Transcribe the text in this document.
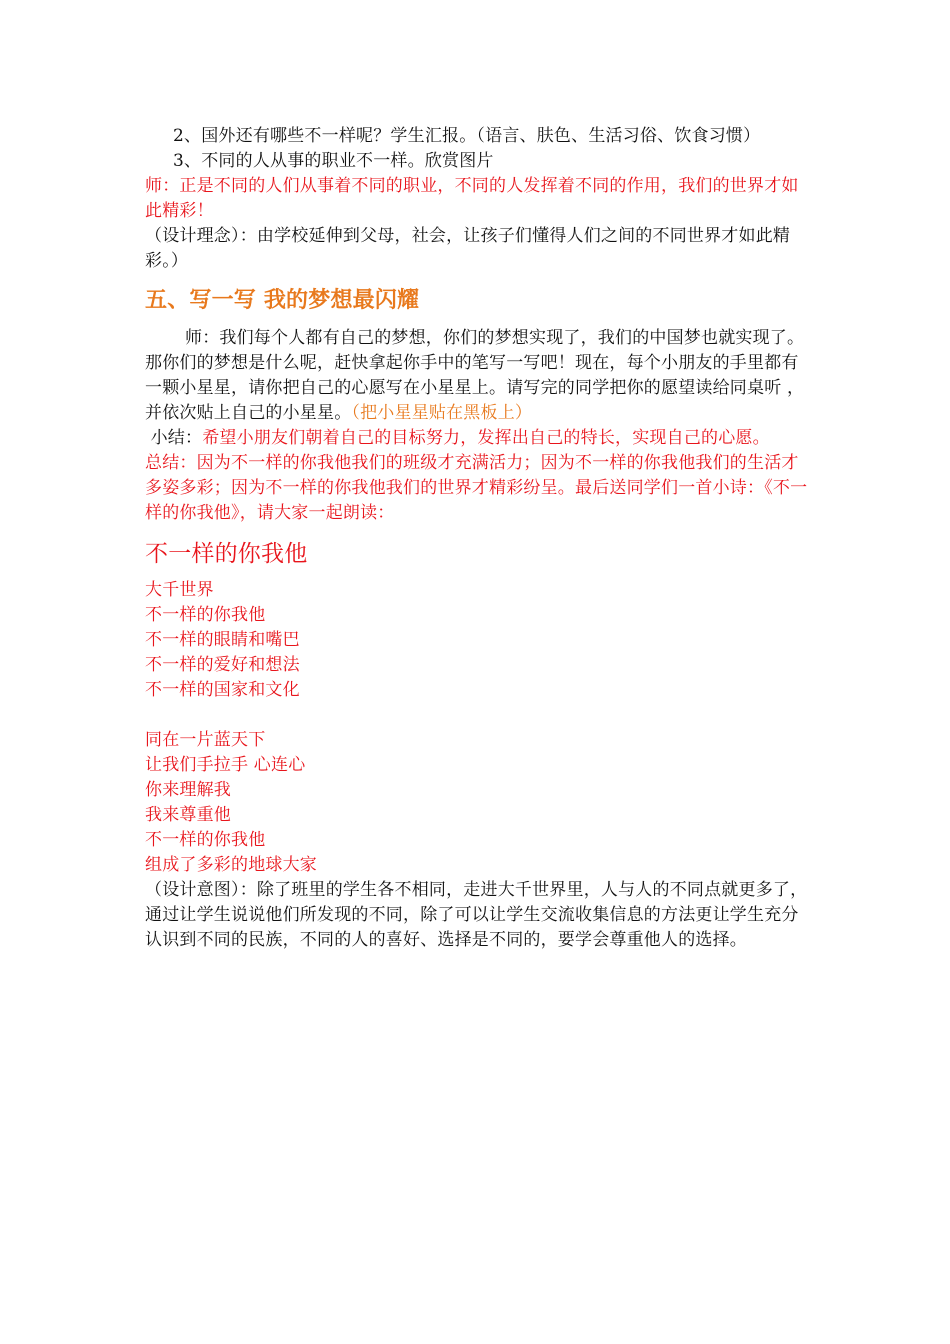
2、国外还有哪些不一样呢？学生汇报。（语言、肤色、生活习俗、饮食习惯）

3、不同的人从事的职业不一样。欣赏图片

师：正是不同的人们从事着不同的职业，不同的人发挥着不同的作用，我们的世界才如此精彩！

（设计理念）：由学校延伸到父母，社会，让孩子们懂得人们之间的不同世界才如此精彩。）

五、写一写 我的梦想最闪耀

师：我们每个人都有自己的梦想，你们的梦想实现了，我们的中国梦也就实现了。那你们的梦想是什么呢，赶快拿起你手中的笔写一写吧！现在，每个小朋友的手里都有一颗小星星，请你把自己的心愿写在小星星上。请写完的同学把你的愿望读给同桌听 ，并依次贴上自己的小星星。（把小星星贴在黑板上）

小结：希望小朋友们朝着自己的目标努力，发挥出自己的特长，实现自己的心愿。

总结：因为不一样的你我他我们的班级才充满活力；因为不一样的你我他我们的生活才多姿多彩；因为不一样的你我他我们的世界才精彩纷呈。最后送同学们一首小诗：《不一样的你我他》，请大家一起朗读：

不一样的你我他

大千世界

不一样的你我他

不一样的眼睛和嘴巴

不一样的爱好和想法

不一样的国家和文化

同在一片蓝天下

让我们手拉手 心连心

你来理解我

我来尊重他

不一样的你我他

组成了多彩的地球大家

（设计意图）：除了班里的学生各不相同，走进大千世界里，人与人的不同点就更多了，通过让学生说说他们所发现的不同，除了可以让学生交流收集信息的方法更让学生充分认识到不同的民族，不同的人的喜好、选择是不同的，要学会尊重他人的选择。
